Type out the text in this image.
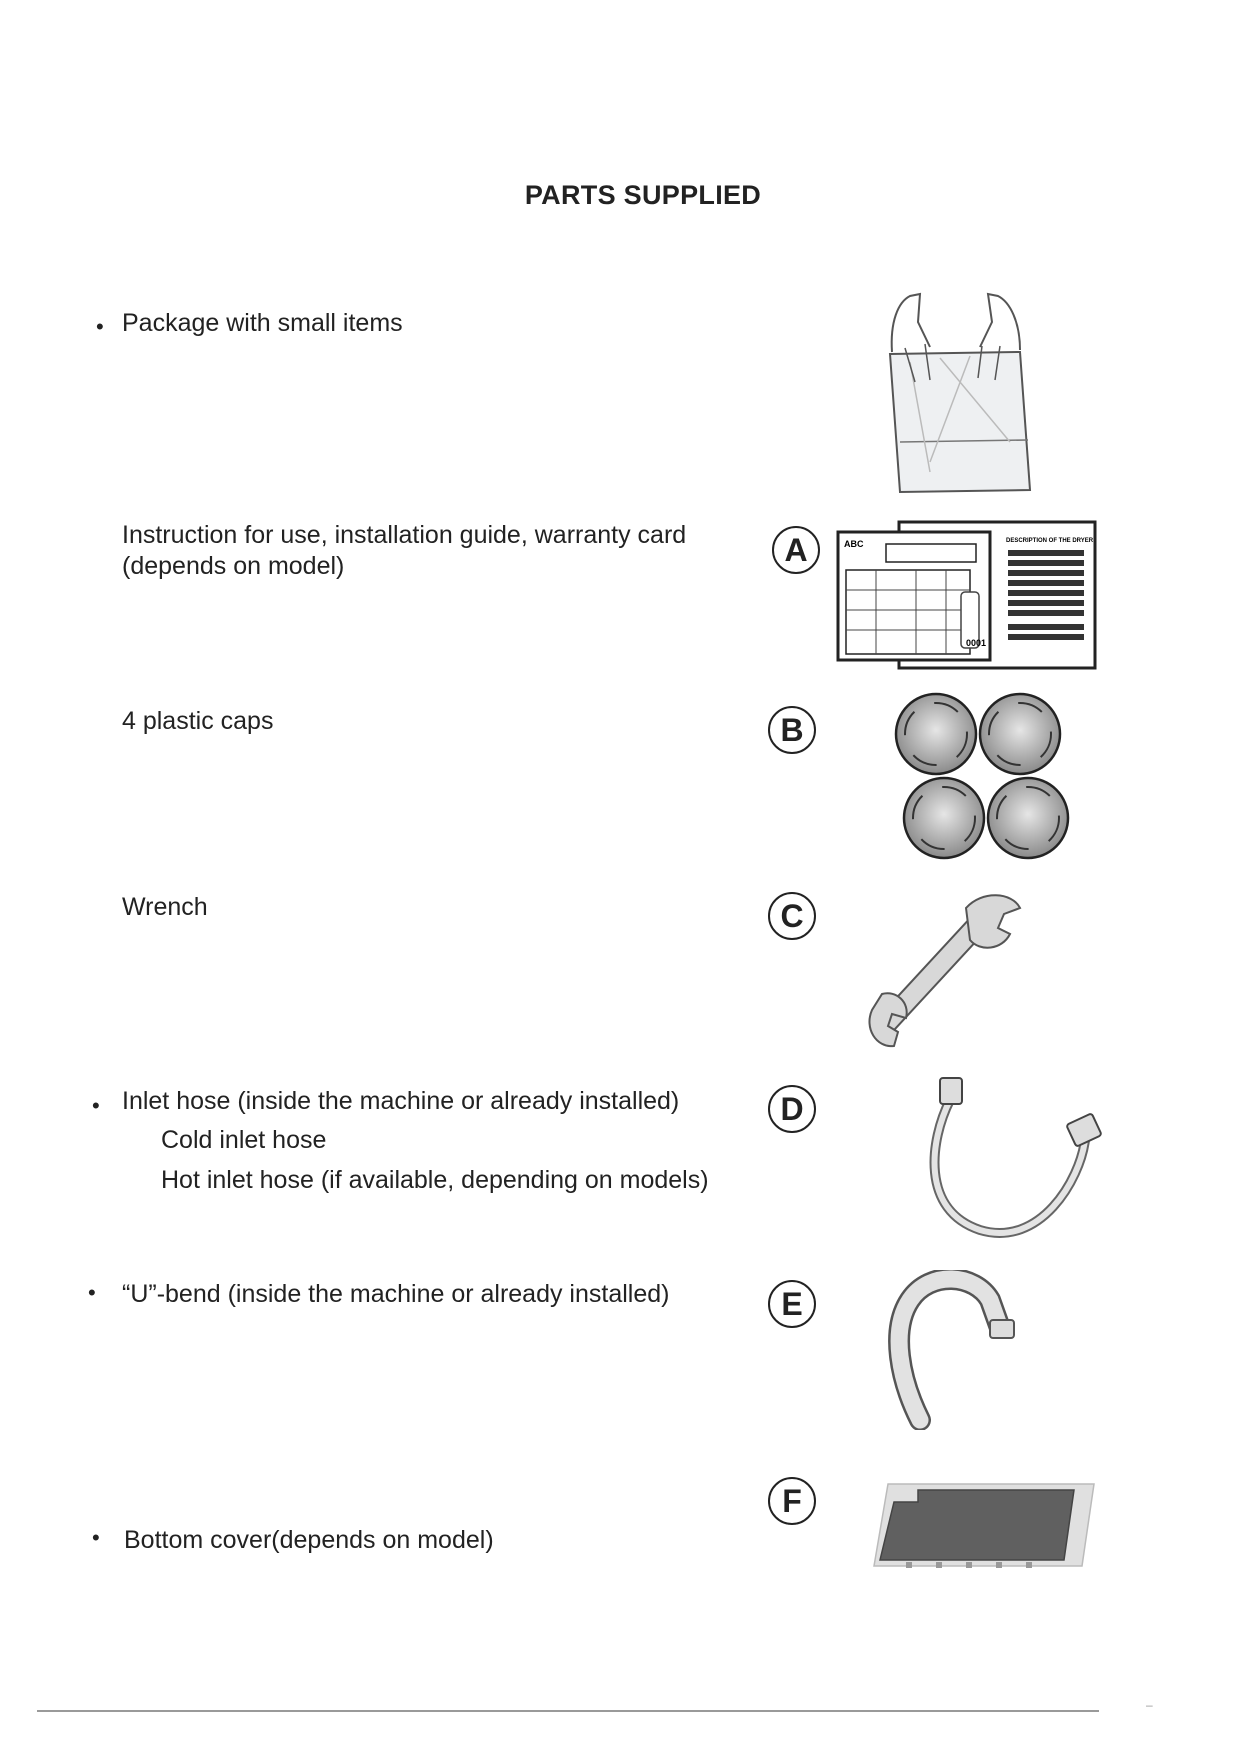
PARTS SUPPLIED
• Package with small items
Instruction for use, installation guide, warranty card
(depends on model)	A	ABC	DESCRIPTION OF THE DRYER
0001
4 plastic caps	B
Wrench	C
• Inlet hose (inside the machine or already installed)
Cold inlet hose
Hot inlet hose (if available, depending on models)
D
• “U”-bend (inside the machine or already installed)	E
• Bottom cover(depends on model)
F
–
